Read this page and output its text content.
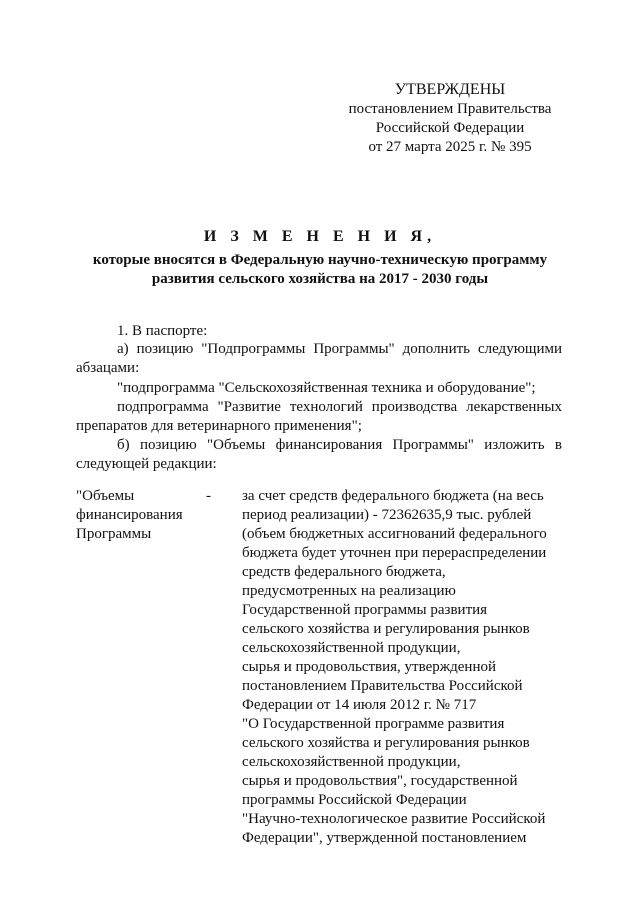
УТВЕРЖДЕНЫ
постановлением Правительства
Российской Федерации
от 27 марта 2025 г. № 395
И З М Е Н Е Н И Я,
которые вносятся в Федеральную научно-техническую программу
развития сельского хозяйства на 2017 - 2030 годы

1. В паспорте:

а) позицию "Подпрограммы Программы" дополнить следующими абзацами:

"подпрограмма "Сельскохозяйственная техника и оборудование";

подпрограмма "Развитие технологий производства лекарственных препаратов для ветеринарного применения";

б) позицию "Объемы финансирования Программы" изложить в следующей редакции:

"Объемы
финансирования
Программы
-	за счет средств федерального бюджета (на весь
период реализации) - 72362635,9 тыс. рублей
(объем бюджетных ассигнований федерального
бюджета будет уточнен при перераспределении
средств федерального бюджета,
предусмотренных на реализацию
Государственной программы развития
сельского хозяйства и регулирования рынков
сельскохозяйственной продукции,
сырья и продовольствия, утвержденной
постановлением Правительства Российской
Федерации от 14 июля 2012 г. № 717
"О Государственной программе развития
сельского хозяйства и регулирования рынков
сельскохозяйственной продукции,
сырья и продовольствия", государственной
программы Российской Федерации
"Научно-технологическое развитие Российской
Федерации", утвержденной постановлением
